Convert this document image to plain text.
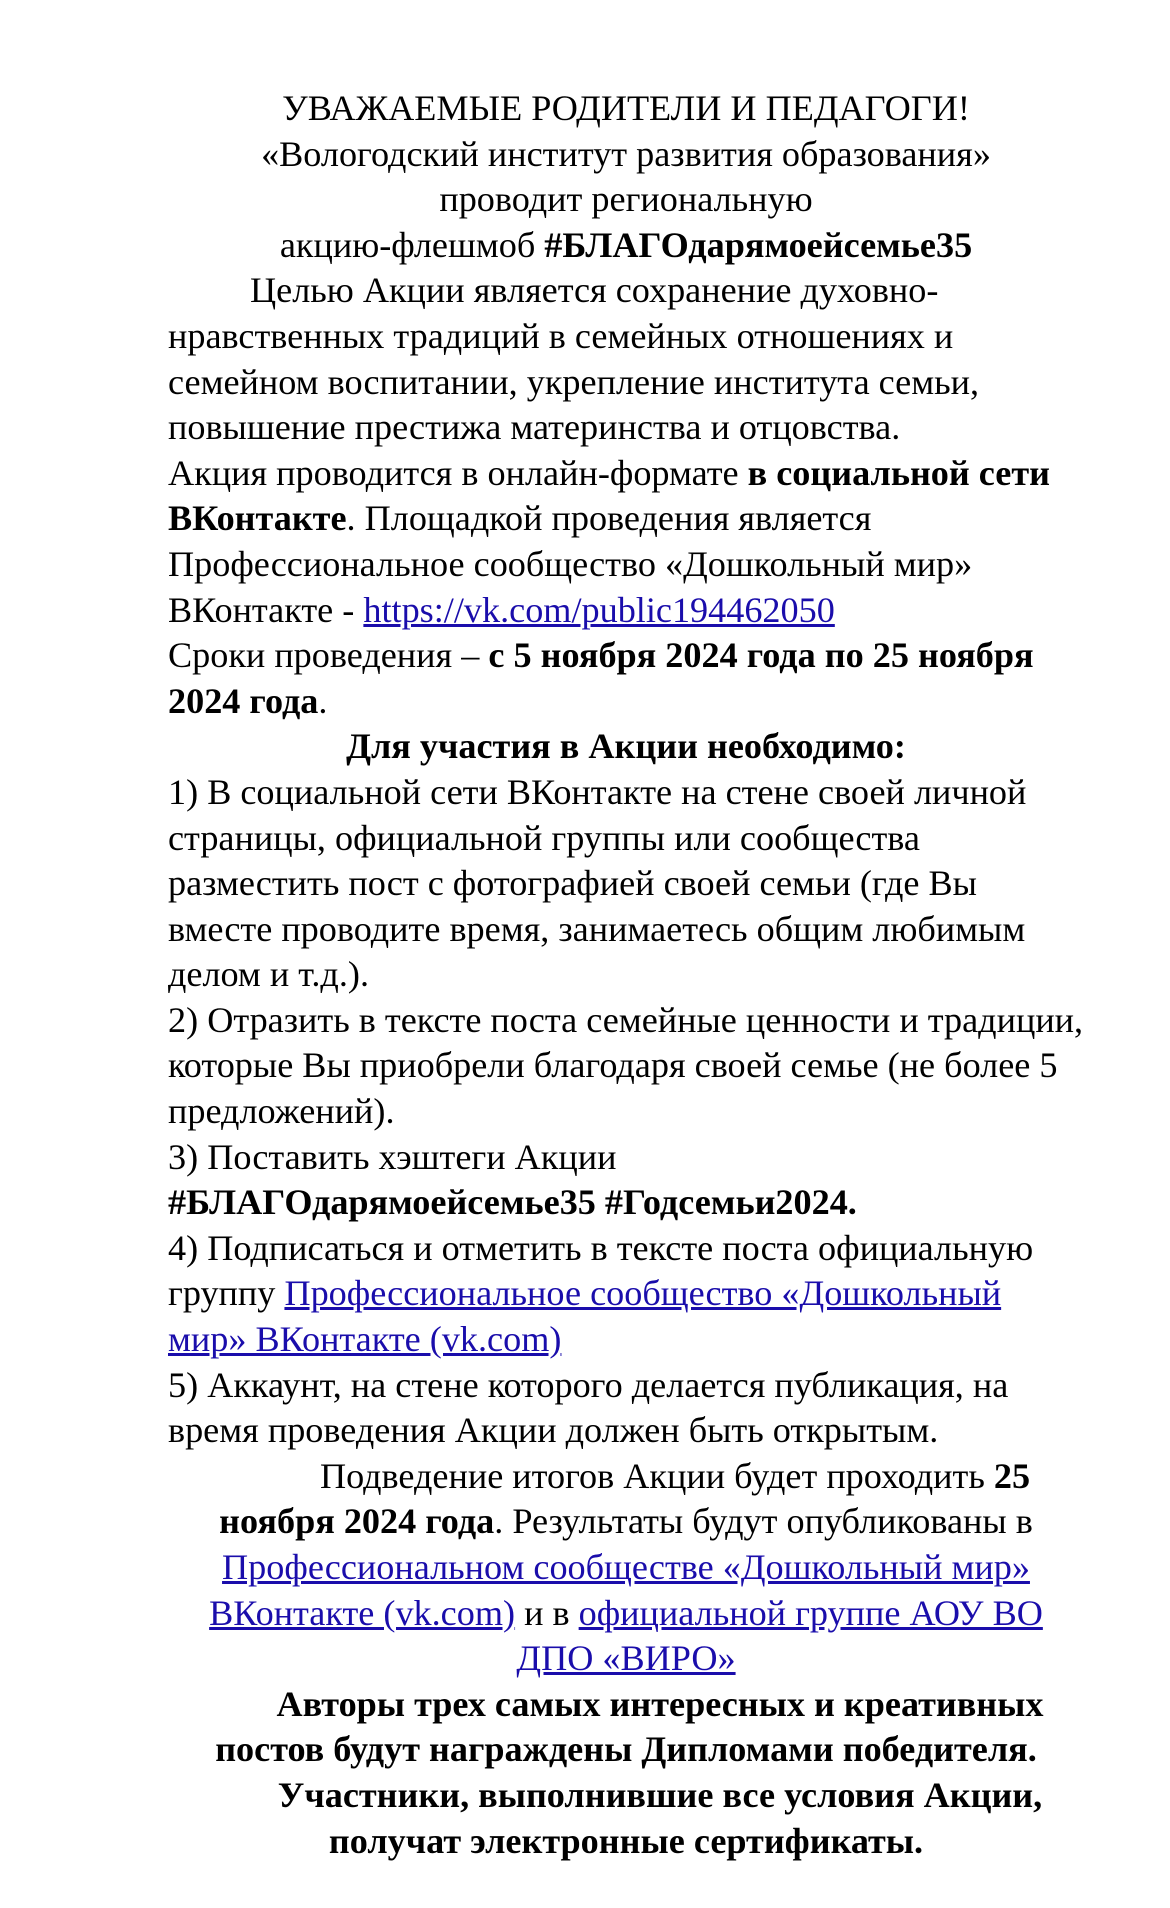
УВАЖАЕМЫЕ РОДИТЕЛИ И ПЕДАГОГИ!

«Вологодский институт развития образования»

проводит региональную

акцию-флешмоб #БЛАГОдарямоейсемье35

Целью Акции является сохранение духовно-нравственных традиций в семейных отношениях и семейном воспитании, укрепление института семьи, повышение престижа материнства и отцовства.

Акция проводится в онлайн-формате в социальной сети ВКонтакте. Площадкой проведения является Профессиональное сообщество «Дошкольный мир» ВКонтакте - https://vk.com/public194462050

Сроки проведения – с 5 ноября 2024 года по 25 ноября 2024 года.

Для участия в Акции необходимо:

1) В социальной сети ВКонтакте на стене своей личной страницы, официальной группы или сообщества разместить пост с фотографией своей семьи (где Вы вместе проводите время, занимаетесь общим любимым делом и т.д.).

2) Отразить в тексте поста семейные ценности и традиции, которые Вы приобрели благодаря своей семье (не более 5 предложений).

3) Поставить хэштеги Акции

#БЛАГОдарямоейсемье35 #Годсемьи2024.

4) Подписаться и отметить в тексте поста официальную группу Профессиональное сообщество «Дошкольный мир» ВКонтакте (vk.com)

5) Аккаунт, на стене которого делается публикация, на время проведения Акции должен быть открытым.

Подведение итогов Акции будет проходить 25 ноября 2024 года. Результаты будут опубликованы в Профессиональном сообществе «Дошкольный мир» ВКонтакте (vk.com) и в официальной группе АОУ ВО ДПО «ВИРО»

Авторы трех самых интересных и креативных постов будут награждены Дипломами победителя.

Участники, выполнившие все условия Акции, получат электронные сертификаты.
